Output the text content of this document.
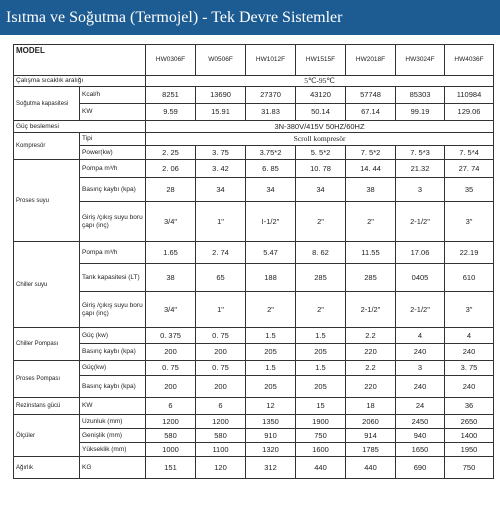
Isıtma ve Soğutma (Termojel) - Tek Devre Sistemler
MODEL		HW0306F	W0506F	HW1012F	HW1515F	HW2018F	HW3024F	HW4036F
Çalışma sıcaklık aralığı		5℃-95℃						
Soğutma kapasitesi	Kcal/h	8251	13690	27370	43120	57748	85303	110984
	KW	9.59	15.91	31.83	50.14	67.14	99.19	129.06
Güç beslemesi		3N-380V/415V 50HZ/60HZ						
Kompresör	Tipi	Scroll kompresör						
	Power(kw)	2. 25	3. 75	3.75*2	5. 5*2	7. 5*2	7. 5*3	7. 5*4
Proses suyu	Pompa m³/h	2. 06	3. 42	6. 85	10. 78	14. 44	21.32	27. 74
	Basınç kaybı (kpa)	28	34	34	34	38	3	35
	Giriş /çıkış suyu boru çapı (inç)	3/4"	1"	I-1/2"	2"	2"	2-1/2"	3"
Chiller suyu	Pompa m³/h	1.65	2. 74	5.47	8. 62	11.55	17.06	22.19
	Tank kapasitesi (LT)	38	65	188	285	285	0405	610
	Giriş /çıkış suyu boru çapı (inç)	3/4"	1"	2"	2"	2-1/2"	2-1/2"	3"
Chiller Pompası	Güç (kw)	0. 375	0. 75	1.5	1.5	2.2	4	4
	Basınç kaybı (kpa)	200	200	205	205	220	240	240
Proses Pompası	Güç(kw)	0. 75	0. 75	1.5	1.5	2.2	3	3. 75
	Basınç kaybı (kpa)	200	200	205	205	220	240	240
Rezinstans gücü	KW	6	6	12	15	18	24	36
Ölçüler	Uzunluk (mm)	1200	1200	1350	1900	2060	2450	2650
	Genişlik (mm)	580	580	910	750	914	940	1400
	Yükseklik (mm)	1000	1100	1320	1600	1785	1650	1950
Ağırlık	KG	151	120	312	440	440	690	750
